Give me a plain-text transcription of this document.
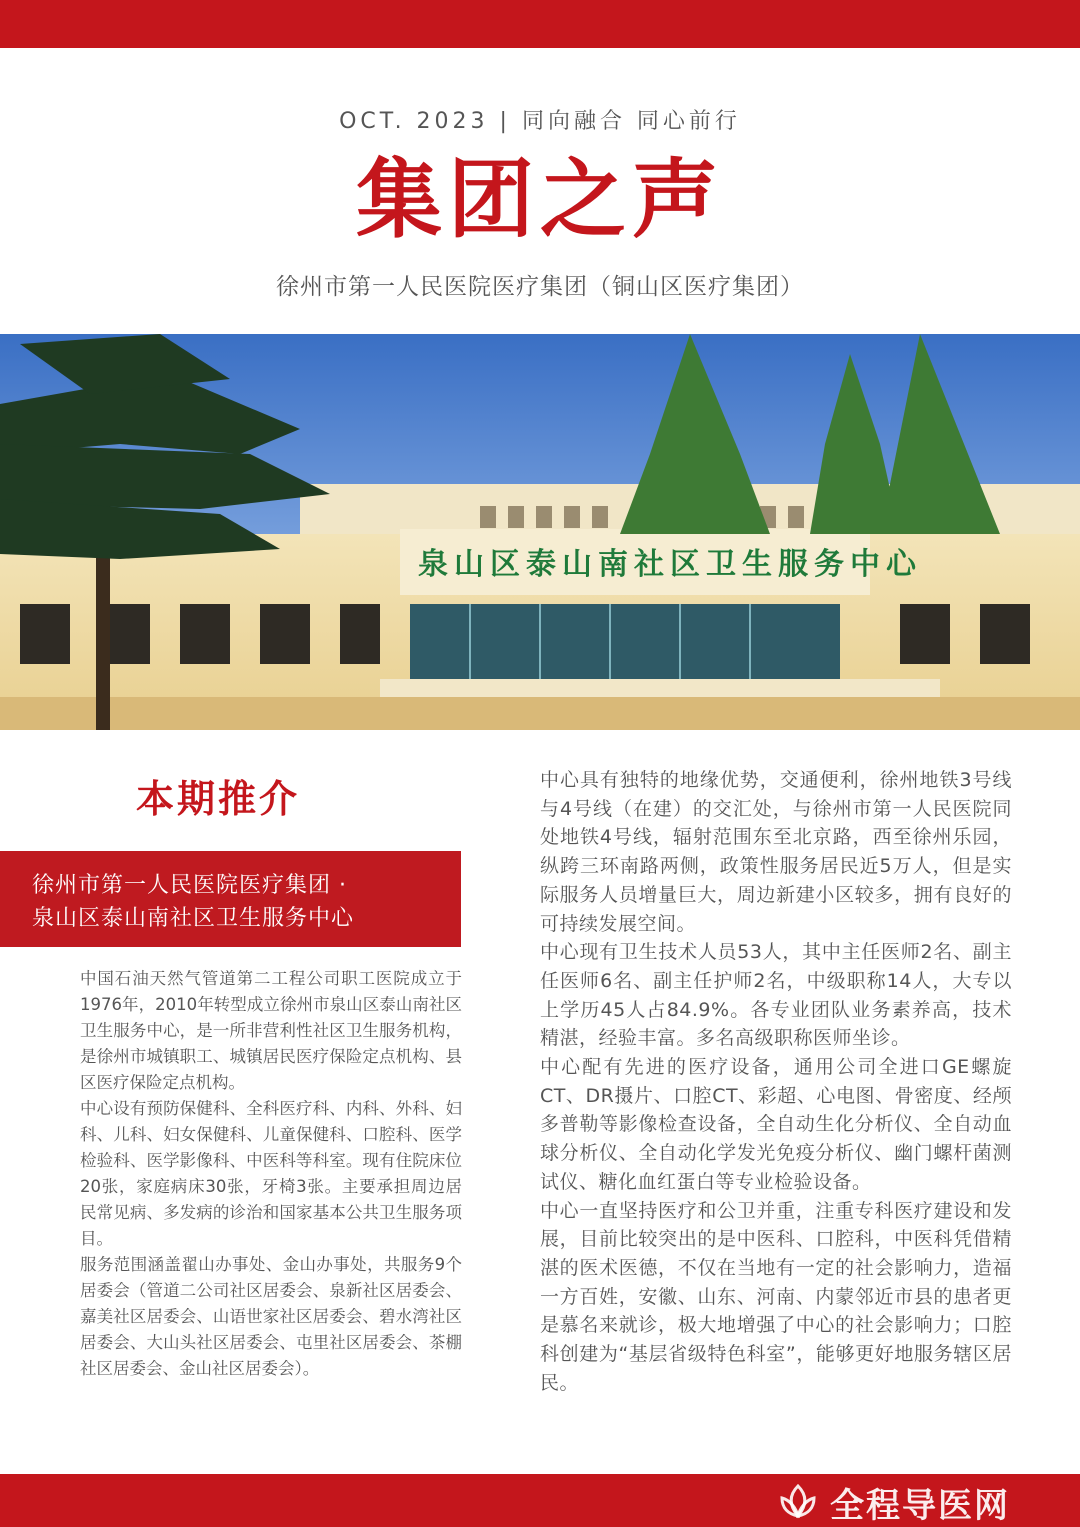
OCT. 2023 | 同向融合 同心前行
集团之声
徐州市第一人民医院医疗集团（铜山区医疗集团）
泉山区泰山南社区卫生服务中心
本期推介
徐州市第一人民医院医疗集团 ·
泉山区泰山南社区卫生服务中心

中国石油天然气管道第二工程公司职工医院成立于1976年，2010年转型成立徐州市泉山区泰山南社区卫生服务中心，是一所非营利性社区卫生服务机构，是徐州市城镇职工、城镇居民医疗保险定点机构、县区医疗保险定点机构。

中心设有预防保健科、全科医疗科、内科、外科、妇科、儿科、妇女保健科、儿童保健科、口腔科、医学检验科、医学影像科、中医科等科室。现有住院床位20张，家庭病床30张，牙椅3张。主要承担周边居民常见病、多发病的诊治和国家基本公共卫生服务项目。

服务范围涵盖翟山办事处、金山办事处，共服务9个居委会（管道二公司社区居委会、泉新社区居委会、嘉美社区居委会、山语世家社区居委会、碧水湾社区居委会、大山头社区居委会、屯里社区居委会、茶棚社区居委会、金山社区居委会）。

中心具有独特的地缘优势，交通便利，徐州地铁3号线与4号线（在建）的交汇处，与徐州市第一人民医院同处地铁4号线，辐射范围东至北京路，西至徐州乐园，纵跨三环南路两侧，政策性服务居民近5万人，但是实际服务人员增量巨大，周边新建小区较多，拥有良好的可持续发展空间。

中心现有卫生技术人员53人，其中主任医师2名、副主任医师6名、副主任护师2名，中级职称14人，大专以上学历45人占84.9%。各专业团队业务素养高，技术精湛，经验丰富。多名高级职称医师坐诊。

中心配有先进的医疗设备，通用公司全进口GE螺旋CT、DR摄片、口腔CT、彩超、心电图、骨密度、经颅多普勒等影像检查设备，全自动生化分析仪、全自动血球分析仪、全自动化学发光免疫分析仪、幽门螺杆菌测试仪、糖化血红蛋白等专业检验设备。

中心一直坚持医疗和公卫并重，注重专科医疗建设和发展，目前比较突出的是中医科、口腔科，中医科凭借精湛的医术医德，不仅在当地有一定的社会影响力，造福一方百姓，安徽、山东、河南、内蒙邻近市县的患者更是慕名来就诊，极大地增强了中心的社会影响力；口腔科创建为“基层省级特色科室”，能够更好地服务辖区居民。

全程导医网
